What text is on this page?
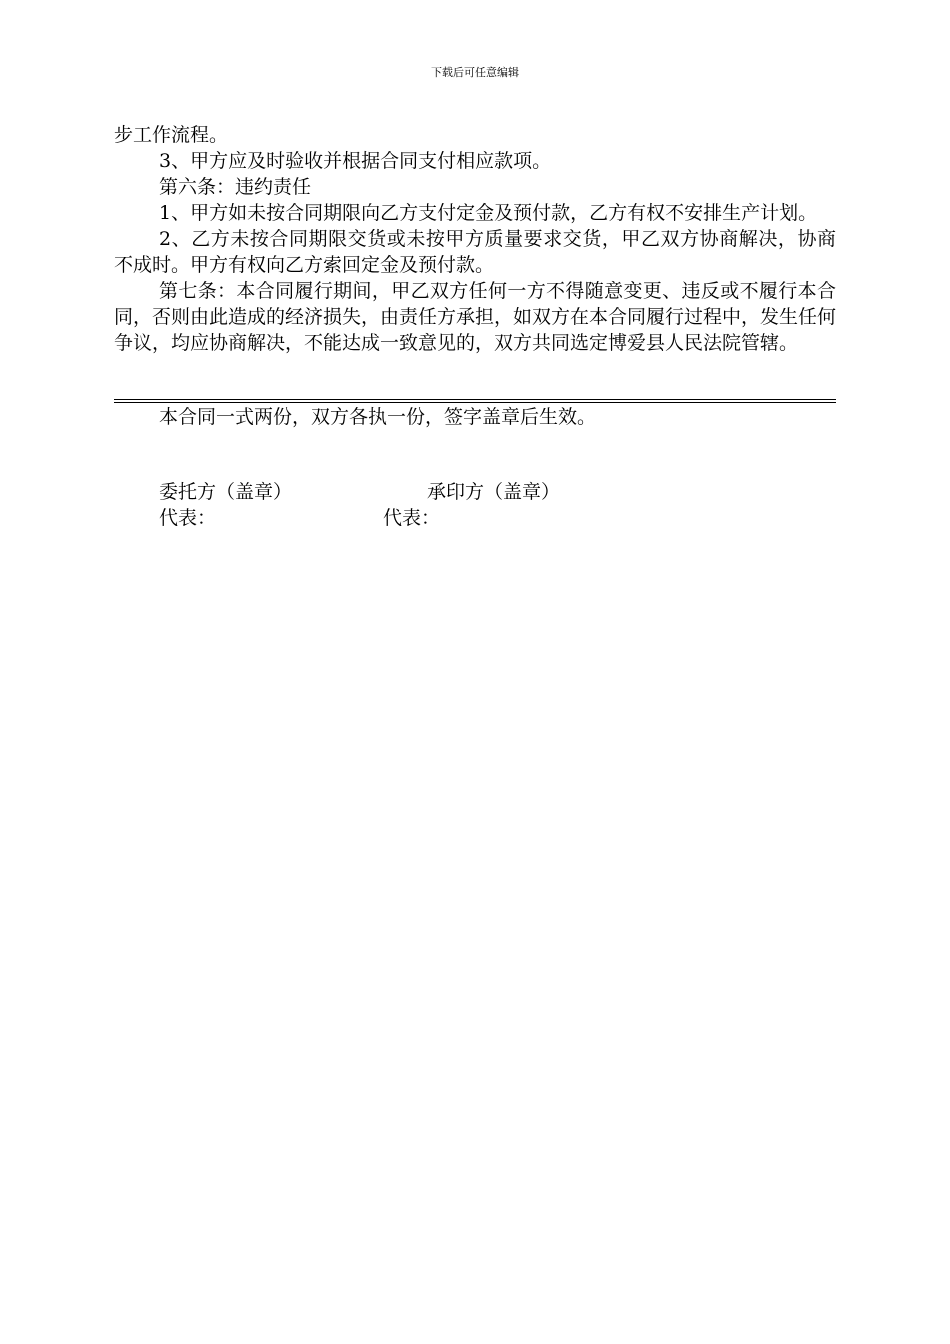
下载后可任意编辑

步工作流程。

3、甲方应及时验收并根据合同支付相应款项。

第六条：违约责任

1、甲方如未按合同期限向乙方支付定金及预付款，乙方有权不安排生产计划。

2、乙方未按合同期限交货或未按甲方质量要求交货，甲乙双方协商解决，协商不成时。甲方有权向乙方索回定金及预付款。

第七条：本合同履行期间，甲乙双方任何一方不得随意变更、违反或不履行本合同，否则由此造成的经济损失，由责任方承担，如双方在本合同履行过程中，发生任何争议，均应协商解决，不能达成一致意见的，双方共同选定博爱县人民法院管辖。

本合同一式两份，双方各执一份，签字盖章后生效。
委托方（盖章）	承印方（盖章）
代表：	代表：
